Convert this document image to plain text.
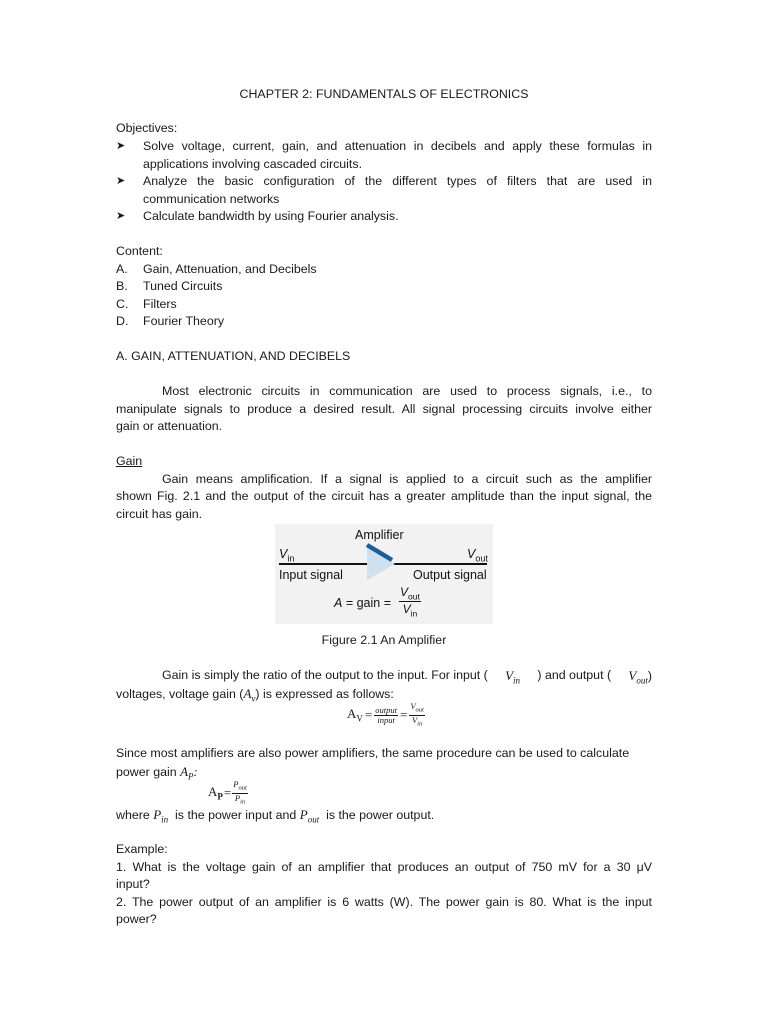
CHAPTER 2: FUNDAMENTALS OF ELECTRONICS
Objectives:
➤	Solve voltage, current, gain, and attenuation in decibels and apply these formulas in
applications involving cascaded circuits.
➤	Analyze the basic configuration of the different types of filters that are used in
communication networks
➤	Calculate bandwidth by using Fourier analysis.
Content:
A.	Gain, Attenuation, and Decibels
B.	Tuned Circuits
C.	Filters
D.	Fourier Theory
A. GAIN, ATTENUATION, AND DECIBELS
Most electronic circuits in communication are used to process signals, i.e., to
manipulate signals to produce a desired result. All signal processing circuits involve either
gain or attenuation.
Gain
Gain means amplification. If a signal is applied to a circuit such as the amplifier
shown Fig. 2.1 and the output of the circuit has a greater amplitude than the input signal, the
circuit has gain.
Amplifier
$V_{in}$	$V_{out}$
Input signal	Output signal
A = gain =
$V_{out}$
$V_{in}$
Figure 2.1 An Amplifier
Gain is simply the ratio of the output to the input. For input ( $V_{in}$ ) and output ( $V_{out}$)
voltages, voltage gain $(A_v)$ is expressed as follows:
$A_V = \frac{\text{output}}{\text{input}} = \frac{V_{out}}{V_{in}}$
Since most amplifiers are also power amplifiers, the same procedure can be used to calculate
power gain $A_P$:
$A_P = \frac{P_{out}}{P_{in}}$
where $P_{in}$  is the power input and $P_{out}$  is the power output.
Example:
1. What is the voltage gain of an amplifier that produces an output of 750 mV for a 30 μV
input?
2. The power output of an amplifier is 6 watts (W). The power gain is 80. What is the input
power?
